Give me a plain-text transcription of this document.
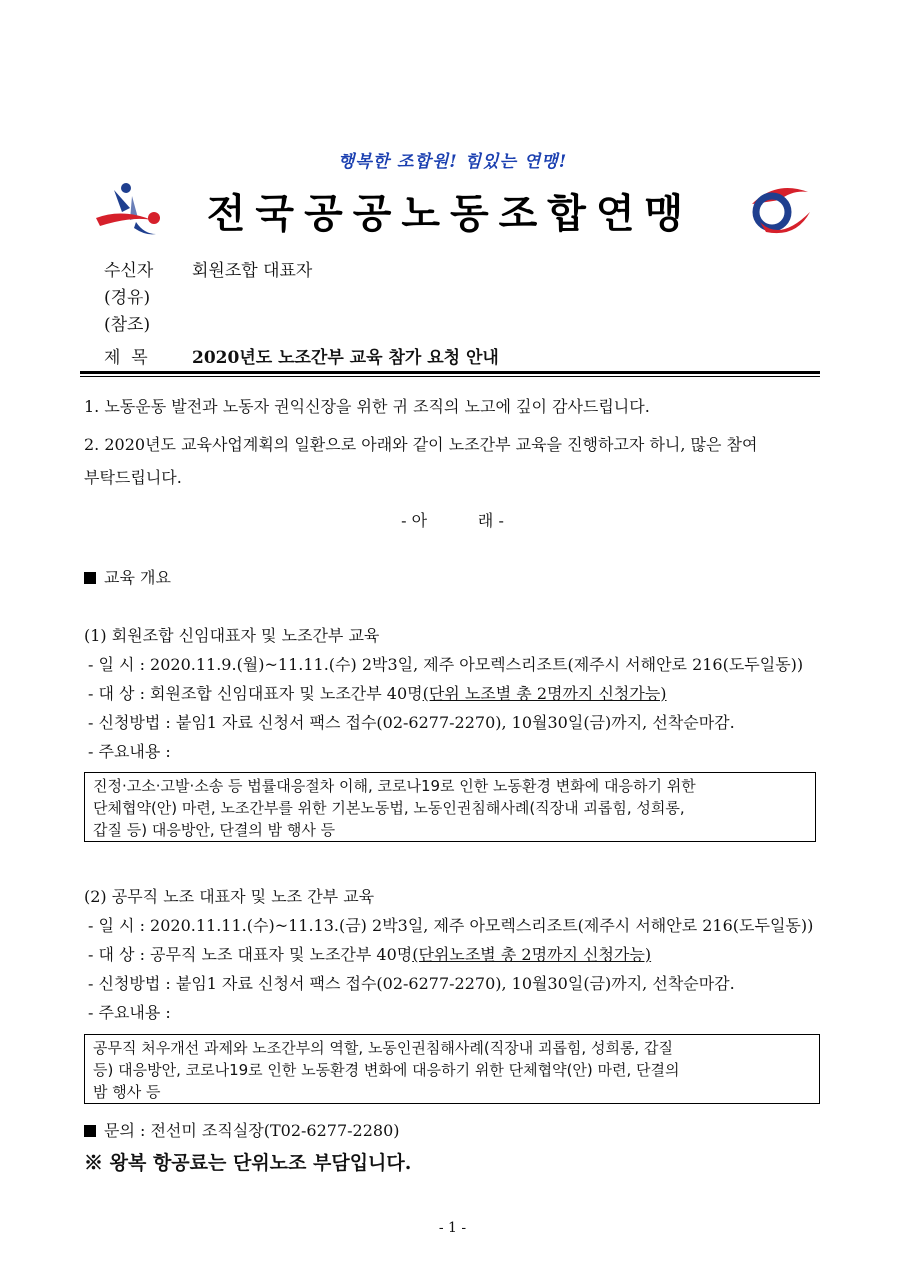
행복한 조합원! 힘있는 연맹!
전국공공노동조합연맹
수신자 회원조합 대표자
(경유)
(참조)
제  목	2020년도 노조간부 교육 참가 요청 안내
1. 노동운동 발전과 노동자 권익신장을 위한 귀 조직의 노고에 깊이 감사드립니다.
2. 2020년도 교육사업계획의 일환으로 아래와 같이 노조간부 교육을 진행하고자 하니, 많은 참여
부탁드립니다.
- 아          래 -
교육 개요
(1) 회원조합 신임대표자 및 노조간부 교육
- 일 시 : 2020.11.9.(월)~11.11.(수) 2박3일, 제주 아모렉스리조트(제주시 서해안로 216(도두일동))
- 대 상 : 회원조합 신임대표자 및 노조간부 40명(단위 노조별 총 2명까지 신청가능)
- 신청방법 : 붙임1 자료 신청서 팩스 접수(02-6277-2270), 10월30일(금)까지, 선착순마감.
- 주요내용 :
진정·고소·고발·소송 등 법률대응절차 이해, 코로나19로 인한 노동환경 변화에 대응하기 위한
단체협약(안) 마련, 노조간부를 위한 기본노동법, 노동인권침해사례(직장내 괴롭힘, 성희롱,
갑질 등) 대응방안, 단결의 밤 행사 등
(2) 공무직 노조 대표자 및 노조 간부 교육
- 일 시 : 2020.11.11.(수)~11.13.(금) 2박3일, 제주 아모렉스리조트(제주시 서해안로 216(도두일동))
- 대 상 : 공무직 노조 대표자 및 노조간부 40명(단위노조별 총 2명까지 신청가능)
- 신청방법 : 붙임1 자료 신청서 팩스 접수(02-6277-2270), 10월30일(금)까지, 선착순마감.
- 주요내용 :
공무직 처우개선 과제와 노조간부의 역할, 노동인권침해사례(직장내 괴롭힘, 성희롱, 갑질
등) 대응방안, 코로나19로 인한 노동환경 변화에 대응하기 위한 단체협약(안) 마련, 단결의
밤 행사 등
문의 : 전선미 조직실장(T02-6277-2280)
※ 왕복 항공료는 단위노조 부담입니다.
- 1 -
